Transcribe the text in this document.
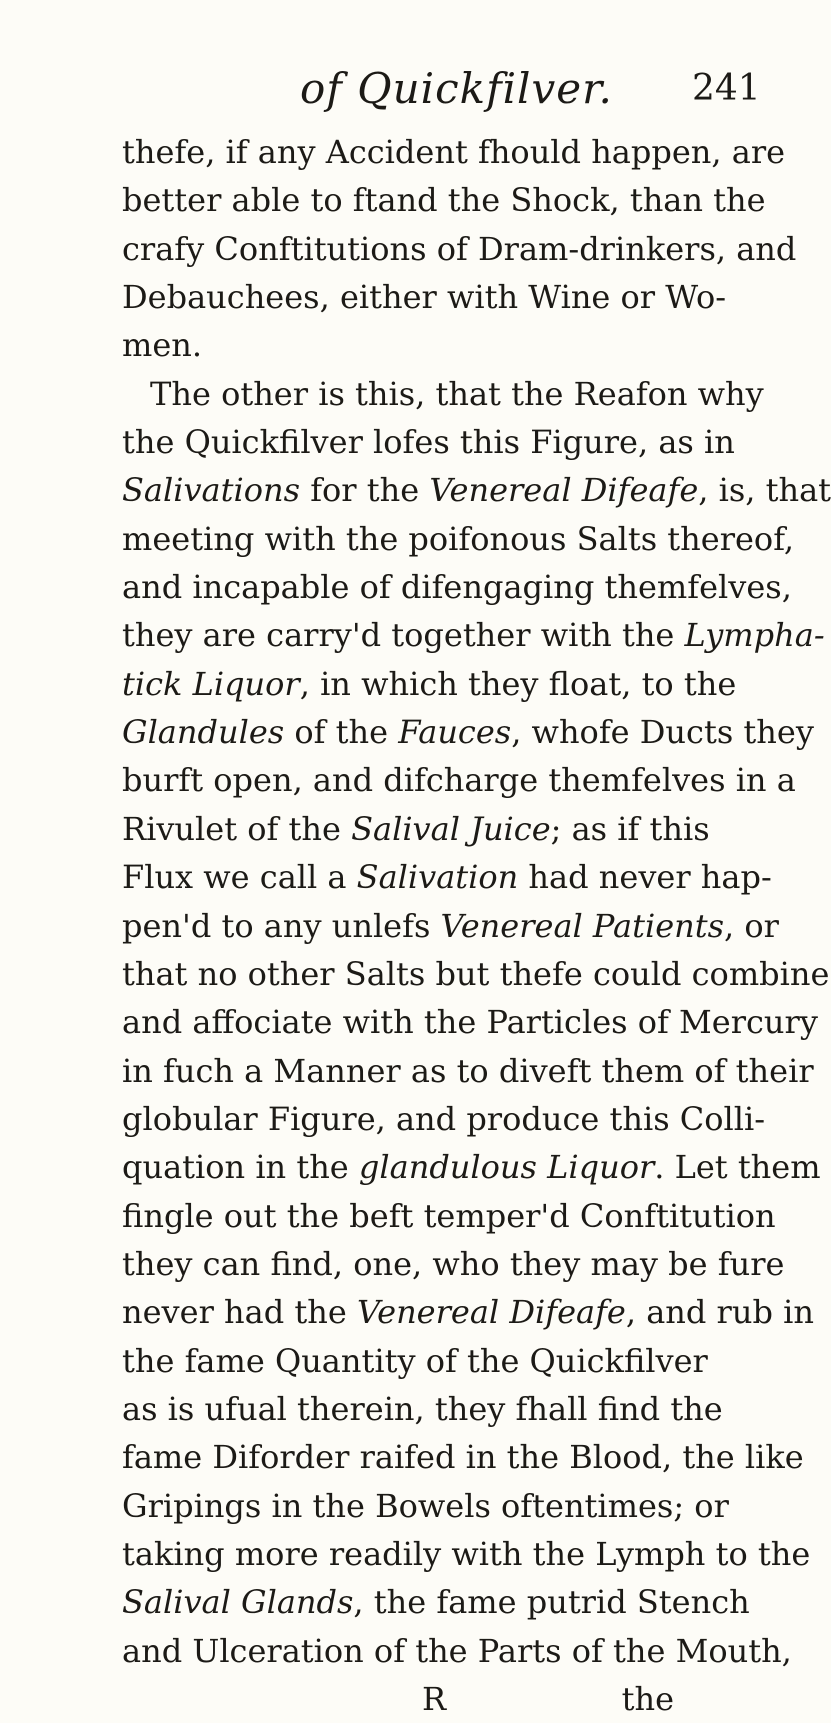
of Quickfilver. 241
thefe, if any Accident fhould happen, are
better able to ftand the Shock, than the
crafy Conftitutions of Dram-drinkers, and
Debauchees, either with Wine or Wo-
men.
The other is this, that the Reafon why
the Quickfilver lofes this Figure, as in
Salivations for the Venereal Difeafe, is, that
meeting with the poifonous Salts thereof,
and incapable of difengaging themfelves,
they are carry'd together with the Lympha-
tick Liquor, in which they float, to the
Glandules of the Fauces, whofe Ducts they
burft open, and difcharge themfelves in a
Rivulet of the Salival Juice; as if this
Flux we call a Salivation had never hap-
pen'd to any unlefs Venereal Patients, or
that no other Salts but thefe could combine
and affociate with the Particles of Mercury
in fuch a Manner as to diveft them of their
globular Figure, and produce this Colli-
quation in the glandulous Liquor. Let them
fingle out the beft temper'd Conftitution
they can find, one, who they may be fure
never had the Venereal Difeafe, and rub in
the fame Quantity of the Quickfilver
as is ufual therein, they fhall find the
fame Diforder raifed in the Blood, the like
Gripings in the Bowels oftentimes; or
taking more readily with the Lymph to the
Salival Glands, the fame putrid Stench
and Ulceration of the Parts of the Mouth,
R	the
